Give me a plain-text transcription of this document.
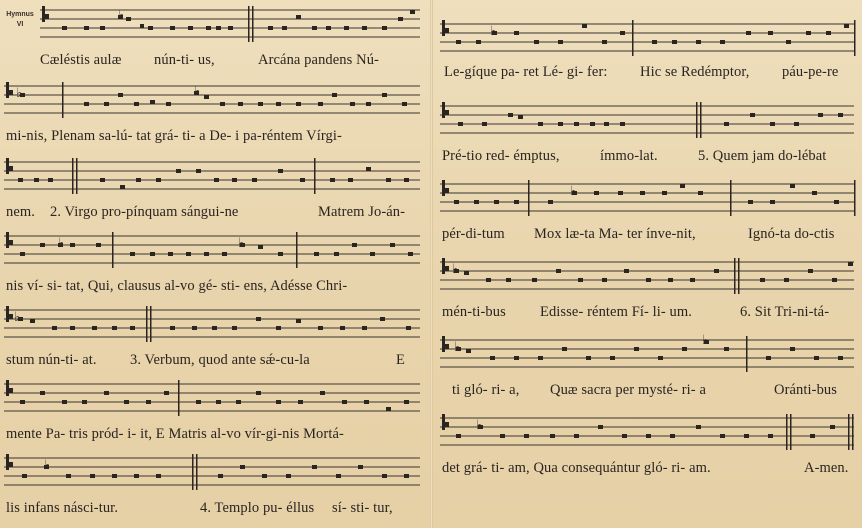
Hymnus
VI
♭
Cæléstis aulæ nún-ti- us,	Arcána pandens Nú-
♭	♭
mi-nis, Plenam sa-lú- tat grá- ti- a De- i pa-réntem Vírgi-
nem. 2. Virgo pro-pínquam sángui-ne	Matrem Jo-án-
♭	♭
nis ví- si- tat, Qui, clausus al-vo gé- sti- ens, Adésse Chri-
♭
stum nún-ti- at. 3. Verbum, quod ante sǽ-cu-la	E
mente Pa- tris pród- i- it, E Matris al-vo vír-gi-nis Mortá-
♭
lis infans násci-tur.	4. Templo pu- éllus sí- sti- tur,
♭
Le-gíque pa- ret Lé- gi- fer: Hic se Redémptor, páu-pe-re
Pré-tio red- émptus,	ímmo-lat.	5. Quem jam do-lébat
♭
pér-di-tum Mox læ-ta Ma- ter ínve-nit,	Ignó-ta do-ctis
♭
mén-ti-bus Edisse- réntem Fí- li- um.	6. Sit Tri-ni-tá-
♭	♭
ti gló- ri- a, Quæ sacra per mysté- ri- a	Oránti-bus
♭
det grá- ti- am, Qua consequántur gló- ri- am.	A-men.
